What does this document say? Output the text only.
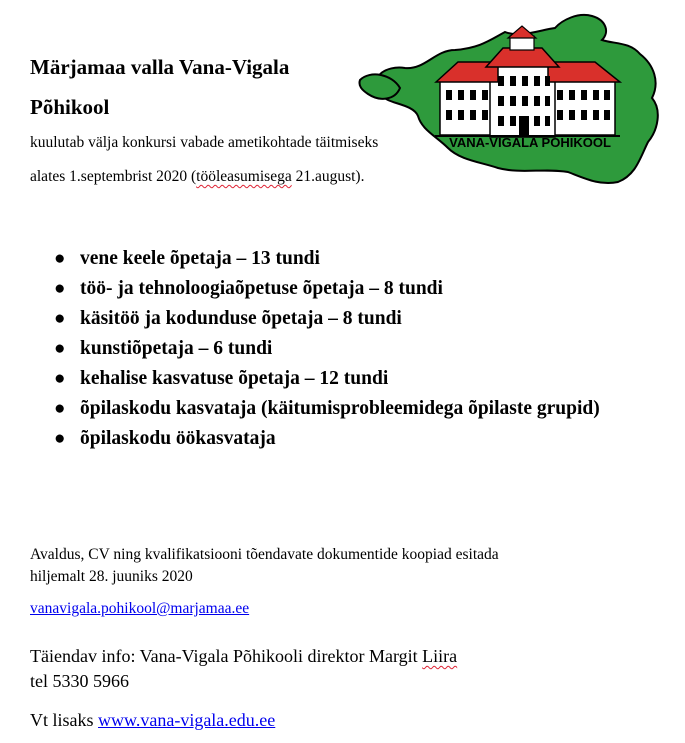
Märjamaa valla Vana-Vigala
Põhikool
kuulutab välja konkursi vabade ametikohtade täitmiseks
alates 1.septembrist 2020 (tööleasumisega 21.august).
VANA-VIGALA PÕHIKOOL
● vene keele õpetaja – 13 tundi
● töö- ja tehnoloogiaõpetuse õpetaja – 8 tundi
● käsitöö ja kodunduse õpetaja – 8 tundi
● kunstiõpetaja – 6 tundi
● kehalise kasvatuse õpetaja – 12 tundi
● õpilaskodu kasvataja (käitumisprobleemidega õpilaste grupid)
● õpilaskodu öökasvataja
Avaldus, CV ning kvalifikatsiooni tõendavate dokumentide koopiad esitada
hiljemalt 28. juuniks 2020
vanavigala.pohikool@marjamaa.ee
Täiendav info: Vana-Vigala Põhikooli direktor Margit Liira
tel 5330 5966
Vt lisaks www.vana-vigala.edu.ee
